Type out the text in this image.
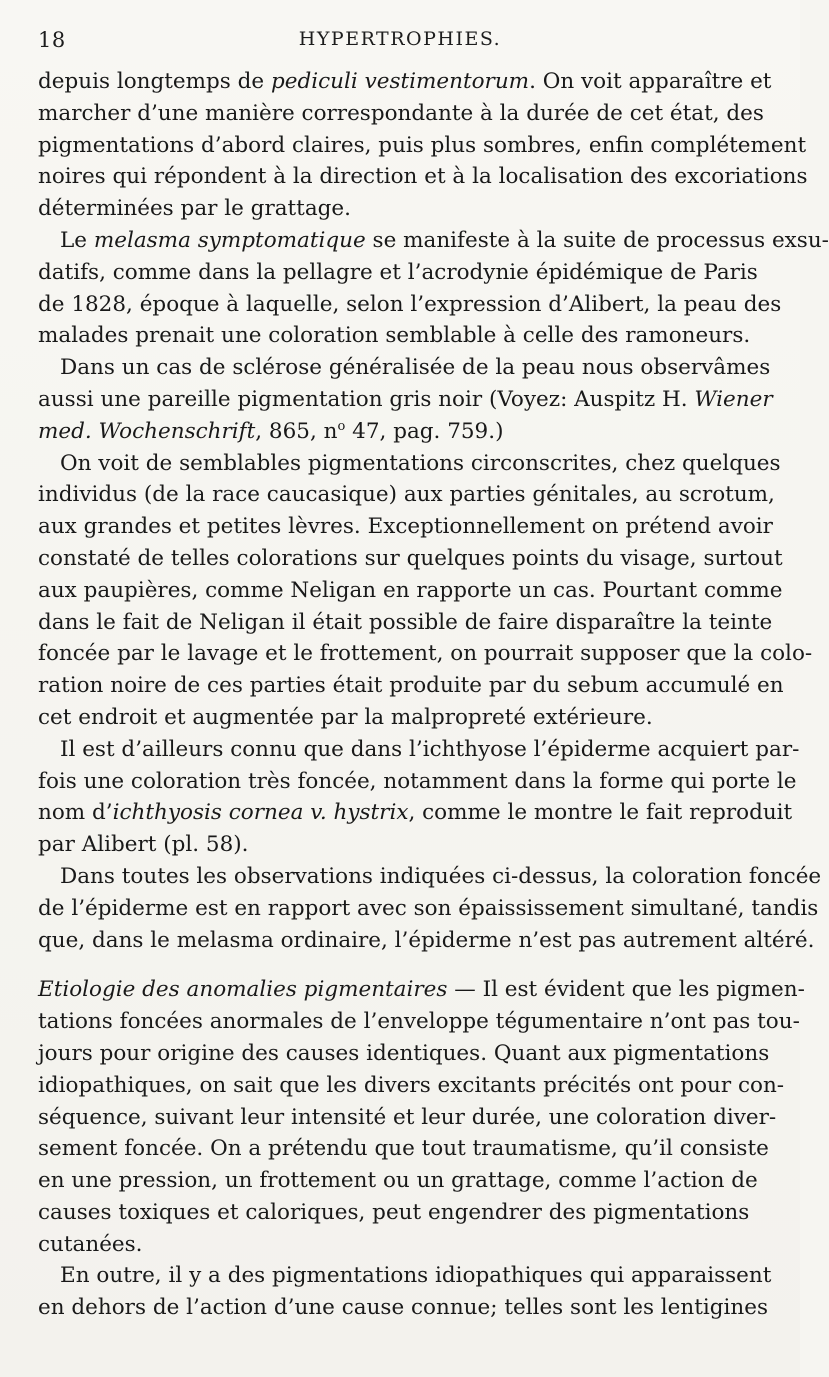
18	HYPERTROPHIES.
depuis longtemps de pediculi vestimentorum. On voit apparaître et
marcher d’une manière correspondante à la durée de cet état, des
pigmentations d’abord claires, puis plus sombres, enfin complétement
noires qui répondent à la direction et à la localisation des excoriations
déterminées par le grattage.
Le melasma symptomatique se manifeste à la suite de processus exsu-
datifs, comme dans la pellagre et l’acrodynie épidémique de Paris
de 1828, époque à laquelle, selon l’expression d’Alibert, la peau des
malades prenait une coloration semblable à celle des ramoneurs.
Dans un cas de sclérose généralisée de la peau nous observâmes
aussi une pareille pigmentation gris noir (Voyez: Auspitz H. Wiener
med. Wochenschrift, 865, $n^o$ 47, pag. 759.)
On voit de semblables pigmentations circonscrites, chez quelques
individus (de la race caucasique) aux parties génitales, au scrotum,
aux grandes et petites lèvres. Exceptionnellement on prétend avoir
constaté de telles colorations sur quelques points du visage, surtout
aux paupières, comme Neligan en rapporte un cas. Pourtant comme
dans le fait de Neligan il était possible de faire disparaître la teinte
foncée par le lavage et le frottement, on pourrait supposer que la colo-
ration noire de ces parties était produite par du sebum accumulé en
cet endroit et augmentée par la malpropreté extérieure.
Il est d’ailleurs connu que dans l’ichthyose l’épiderme acquiert par-
fois une coloration très foncée, notamment dans la forme qui porte le
nom d’ichthyosis cornea v. hystrix, comme le montre le fait reproduit
par Alibert (pl. 58).
Dans toutes les observations indiquées ci-dessus, la coloration foncée
de l’épiderme est en rapport avec son épaississement simultané, tandis
que, dans le melasma ordinaire, l’épiderme n’est pas autrement altéré.
Etiologie des anomalies pigmentaires — Il est évident que les pigmen-
tations foncées anormales de l’enveloppe tégumentaire n’ont pas tou-
jours pour origine des causes identiques. Quant aux pigmentations
idiopathiques, on sait que les divers excitants précités ont pour con-
séquence, suivant leur intensité et leur durée, une coloration diver-
sement foncée. On a prétendu que tout traumatisme, qu’il consiste
en une pression, un frottement ou un grattage, comme l’action de
causes toxiques et caloriques, peut engendrer des pigmentations
cutanées.
En outre, il y a des pigmentations idiopathiques qui apparaissent
en dehors de l’action d’une cause connue; telles sont les lentigines
